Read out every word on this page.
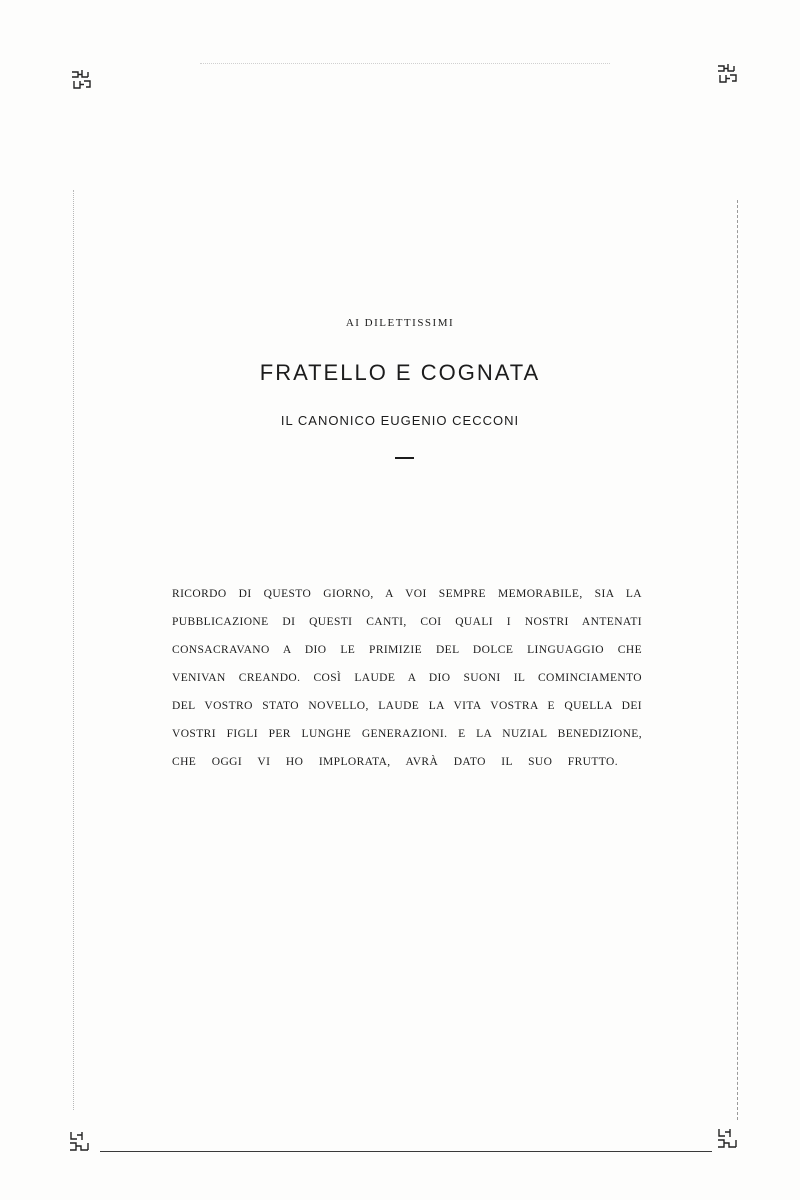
AI DILETTISSIMI
FRATELLO E COGNATA
IL CANONICO EUGENIO CECCONI
RICORDO DI QUESTO GIORNO, A VOI SEMPRE MEMORABILE, SIA LA
PUBBLICAZIONE DI QUESTI CANTI, COI QUALI I NOSTRI ANTENATI
CONSACRAVANO A DIO LE PRIMIZIE DEL DOLCE LINGUAGGIO CHE
VENIVAN CREANDO. COSÌ LAUDE A DIO SUONI IL COMINCIAMENTO
DEL VOSTRO STATO NOVELLO, LAUDE LA VITA VOSTRA E QUELLA DEI
VOSTRI FIGLI PER LUNGHE GENERAZIONI. E LA NUZIAL BENEDIZIONE,
CHE OGGI VI HO IMPLORATA, AVRÀ DATO IL SUO FRUTTO.
